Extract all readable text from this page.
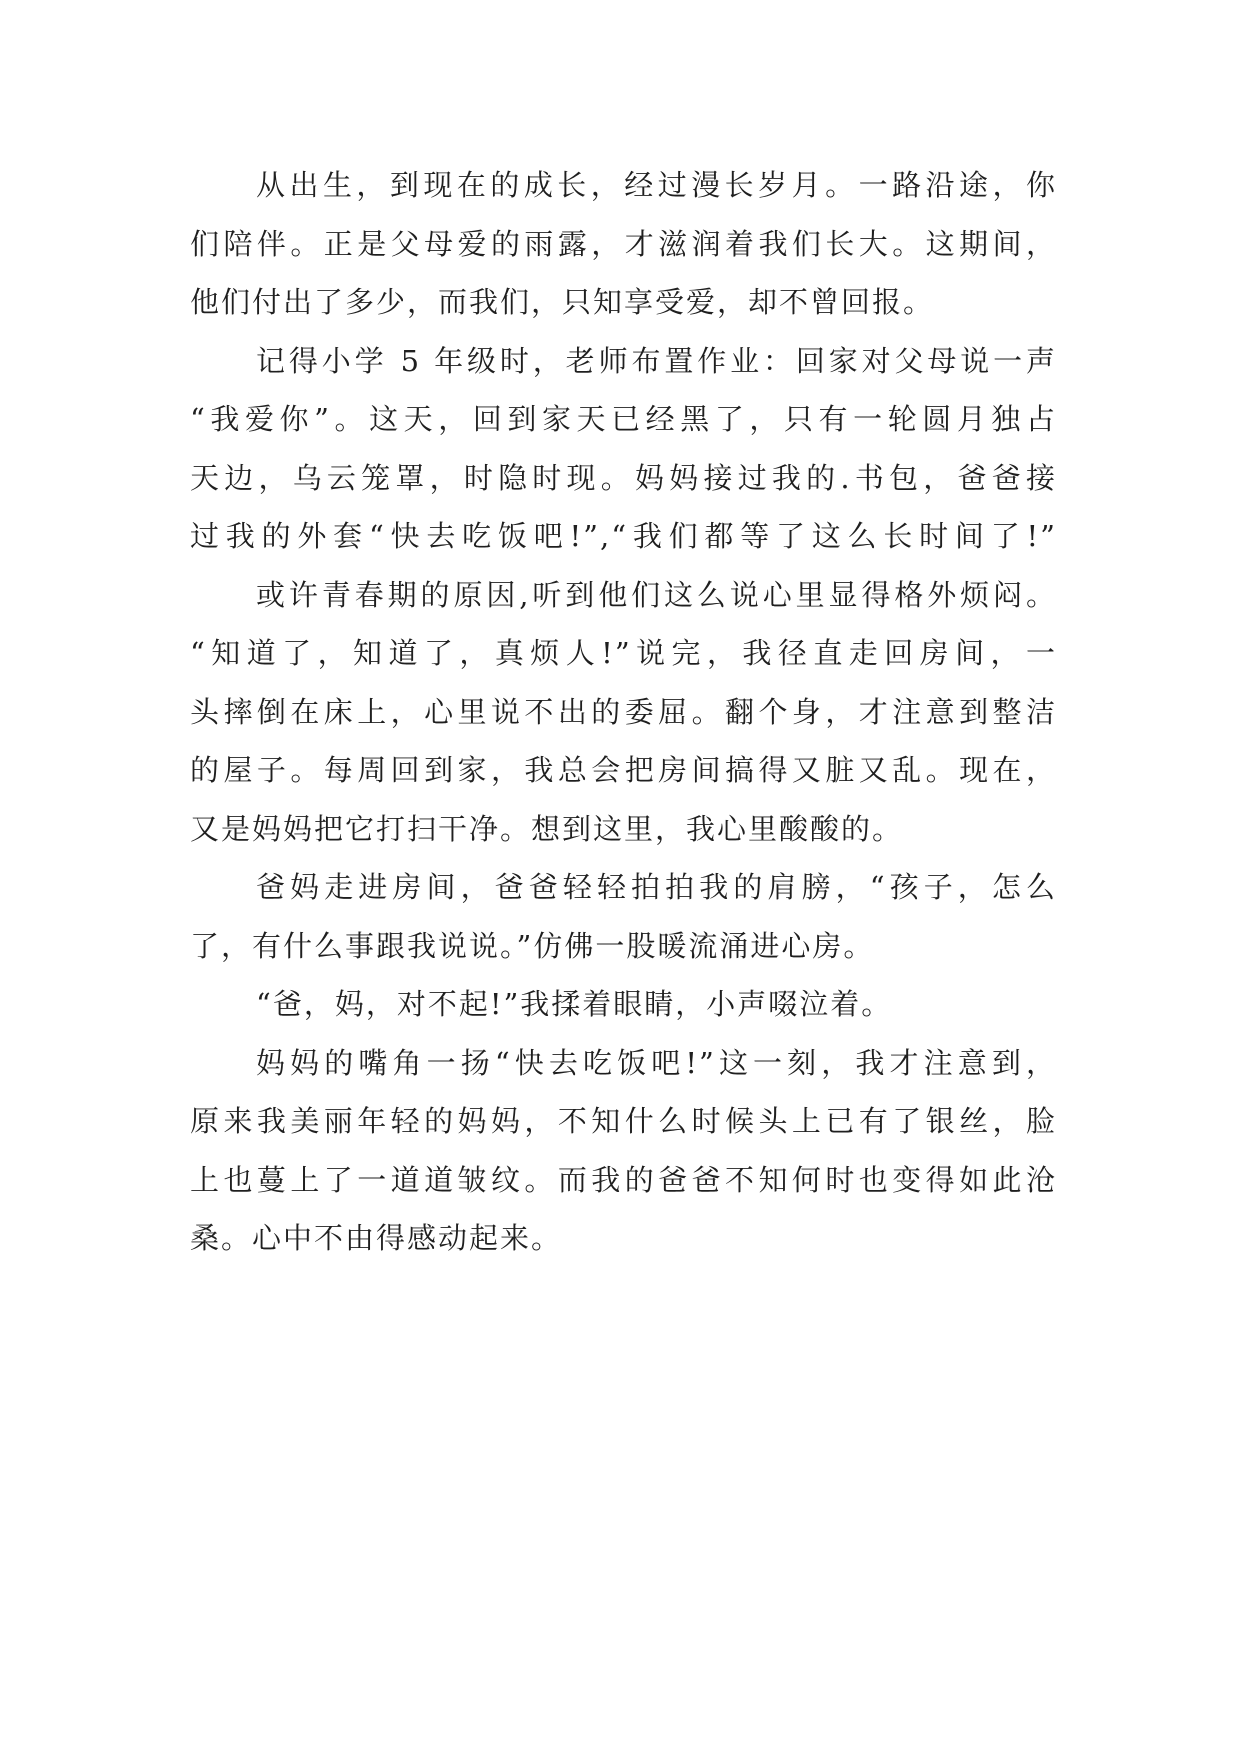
从出生，到现在的成长，经过漫长岁月。一路沿途，你
们陪伴。正是父母爱的雨露，才滋润着我们长大。这期间，
他们付出了多少，而我们，只知享受爱，却不曾回报。
记得小学 5 年级时，老师布置作业：回家对父母说一声
“我爱你”。这天，回到家天已经黑了，只有一轮圆月独占
天边，乌云笼罩，时隐时现。妈妈接过我的.书包，爸爸接
过我的外套“快去吃饭吧!”,“我们都等了这么长时间了!”
或许青春期的原因,听到他们这么说心里显得格外烦闷。
“知道了，知道了，真烦人!”说完，我径直走回房间，一
头摔倒在床上，心里说不出的委屈。翻个身，才注意到整洁
的屋子。每周回到家，我总会把房间搞得又脏又乱。现在，
又是妈妈把它打扫干净。想到这里，我心里酸酸的。
爸妈走进房间，爸爸轻轻拍拍我的肩膀，“孩子，怎么
了，有什么事跟我说说。”仿佛一股暖流涌进心房。
“爸，妈，对不起!”我揉着眼睛，小声啜泣着。
妈妈的嘴角一扬“快去吃饭吧!”这一刻，我才注意到，
原来我美丽年轻的妈妈，不知什么时候头上已有了银丝，脸
上也蔓上了一道道皱纹。而我的爸爸不知何时也变得如此沧
桑。心中不由得感动起来。
